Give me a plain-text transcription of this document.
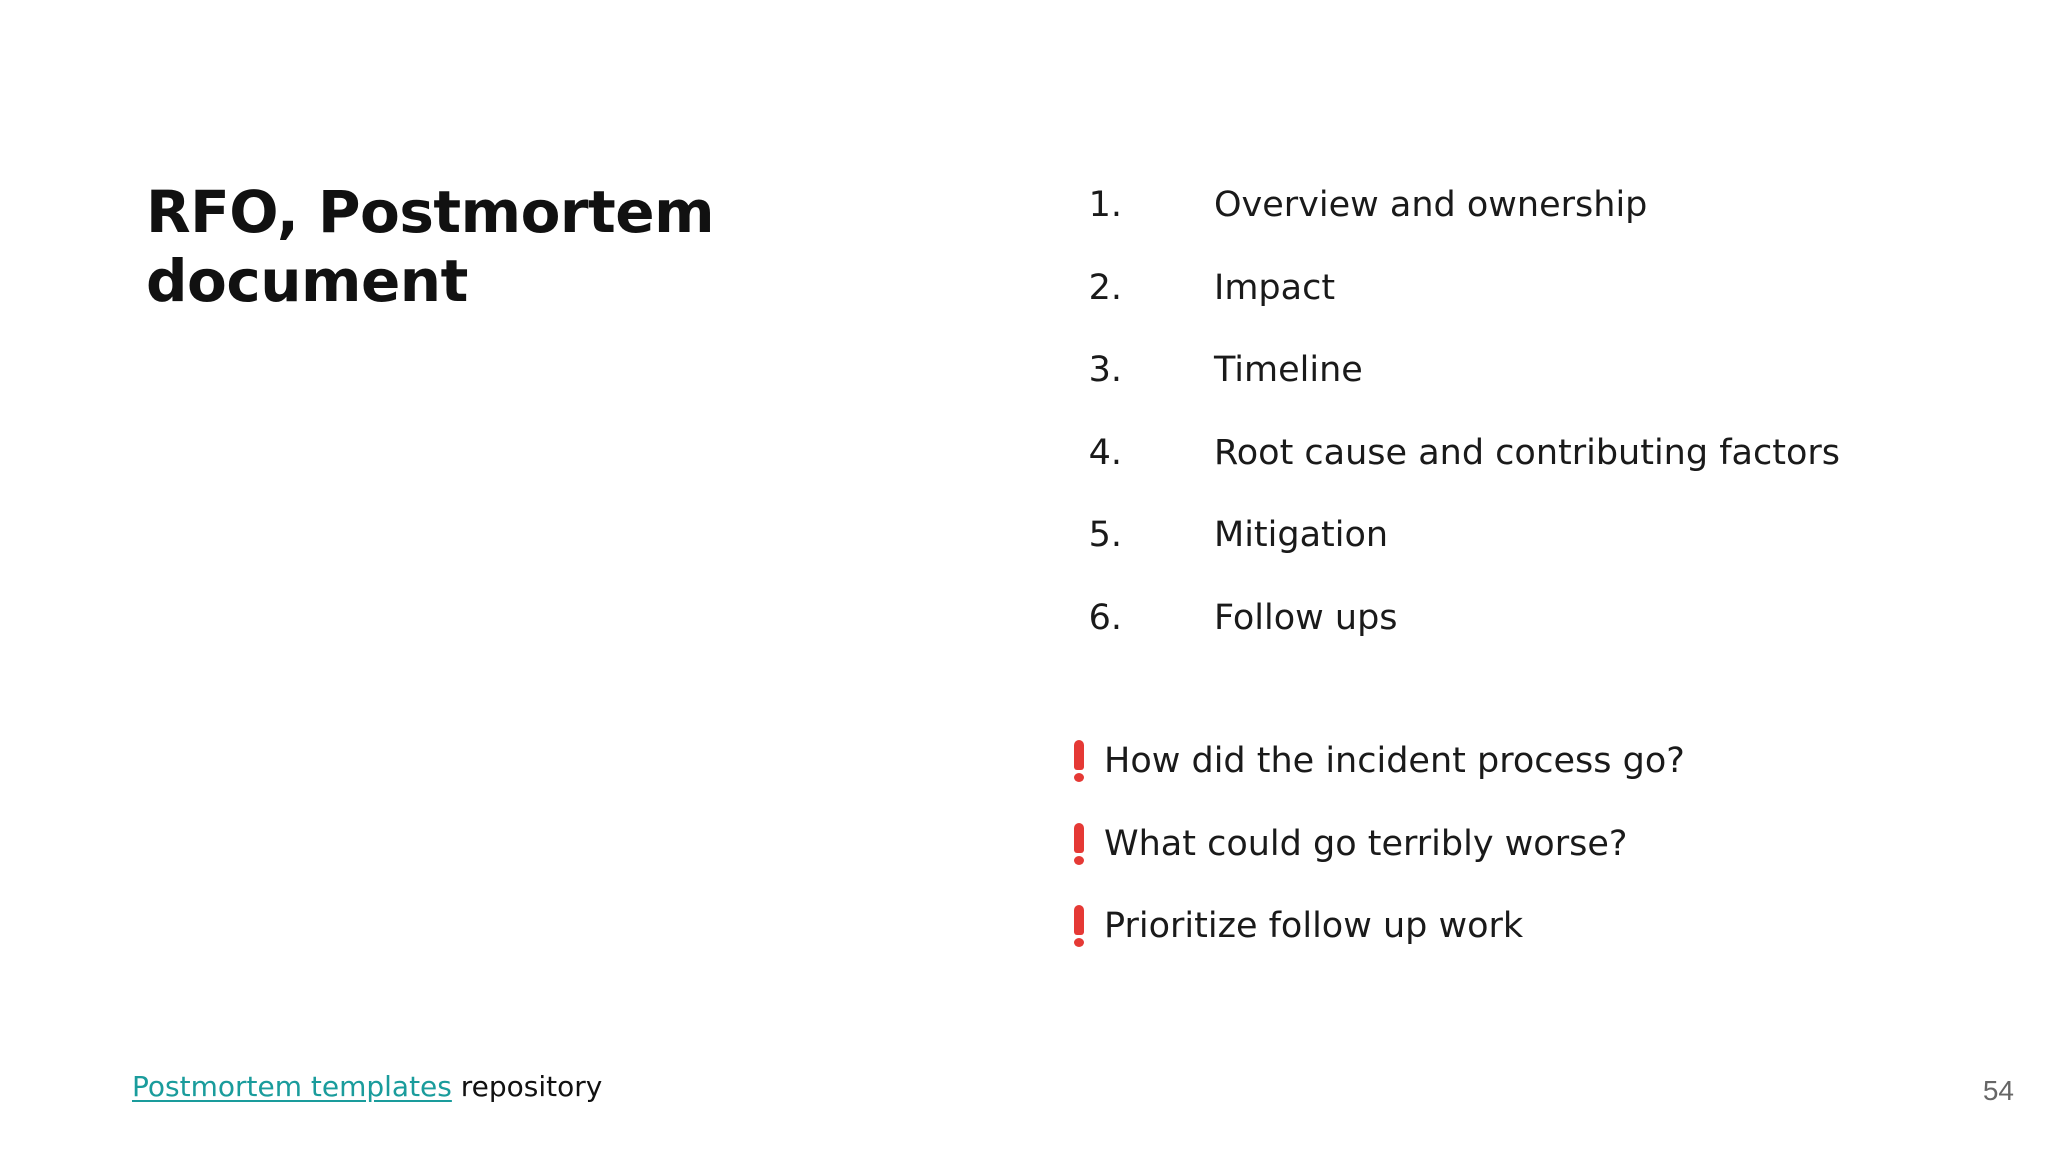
RFO, Postmortem
document
1.	Overview and ownership
2.	Impact
3.	Timeline
4.	Root cause and contributing factors
5.	Mitigation
6.	Follow ups
How did the incident process go?
What could go terribly worse?
Prioritize follow up work
Postmortem templates repository	54
